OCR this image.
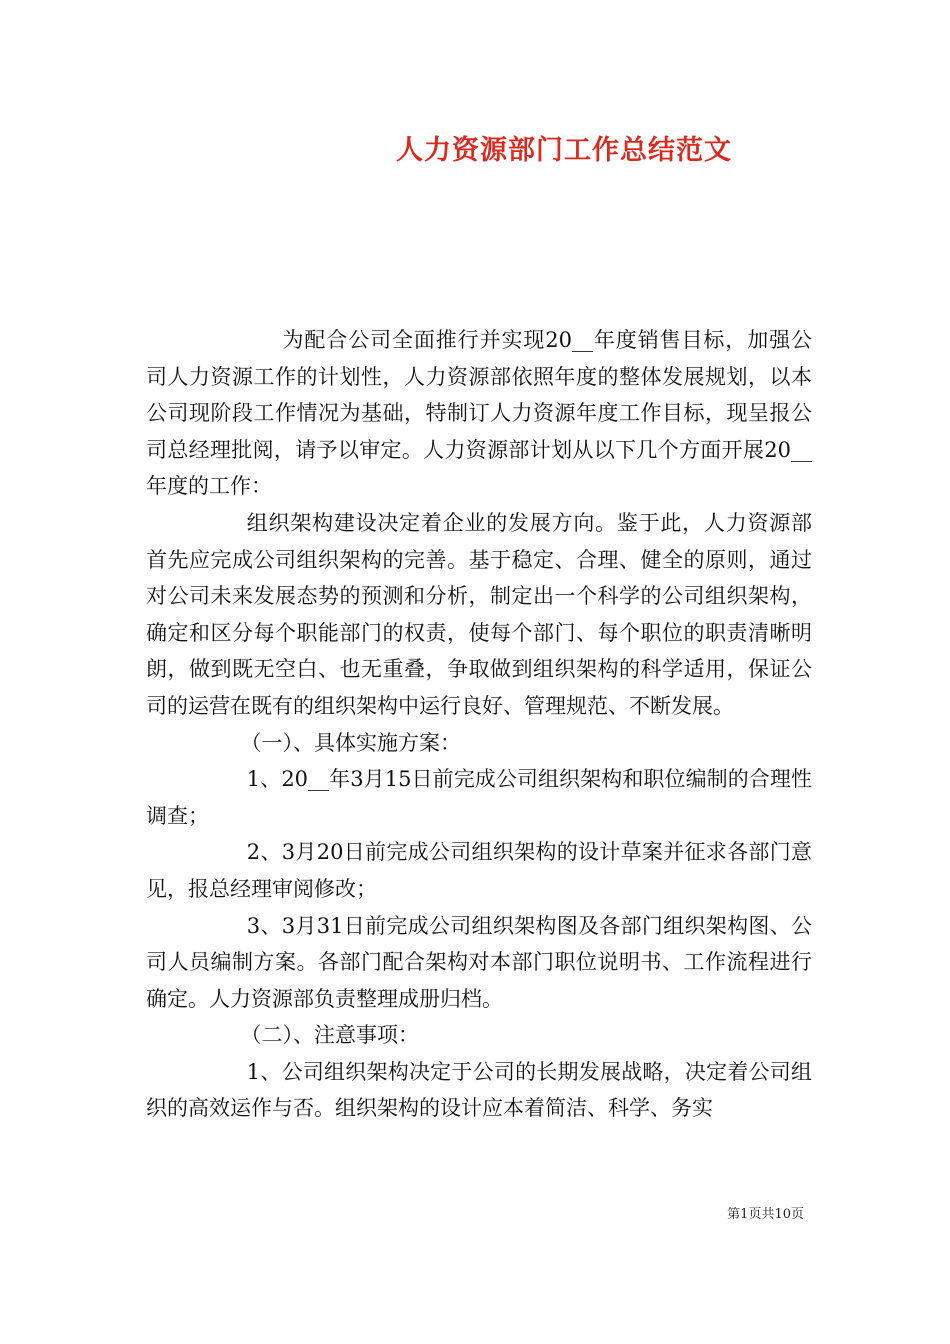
人力资源部门工作总结范文

为配合公司全面推行并实现20__年度销售目标，加强公司人力资源工作的计划性，人力资源部依照年度的整体发展规划，以本公司现阶段工作情况为基础，特制订人力资源年度工作目标，现呈报公司总经理批阅，请予以审定。人力资源部计划从以下几个方面开展20__年度的工作：

组织架构建设决定着企业的发展方向。鉴于此，人力资源部首先应完成公司组织架构的完善。基于稳定、合理、健全的原则，通过对公司未来发展态势的预测和分析，制定出一个科学的公司组织架构，确定和区分每个职能部门的权责，使每个部门、每个职位的职责清晰明朗，做到既无空白、也无重叠，争取做到组织架构的科学适用，保证公司的运营在既有的组织架构中运行良好、管理规范、不断发展。

（一）、具体实施方案：

1、20__年3月15日前完成公司组织架构和职位编制的合理性调查；

2、3月20日前完成公司组织架构的设计草案并征求各部门意见，报总经理审阅修改；

3、3月31日前完成公司组织架构图及各部门组织架构图、公司人员编制方案。各部门配合架构对本部门职位说明书、工作流程进行确定。人力资源部负责整理成册归档。

（二）、注意事项：

1、公司组织架构决定于公司的长期发展战略，决定着公司组织的高效运作与否。组织架构的设计应本着简洁、科学、务实

第1页共10页
